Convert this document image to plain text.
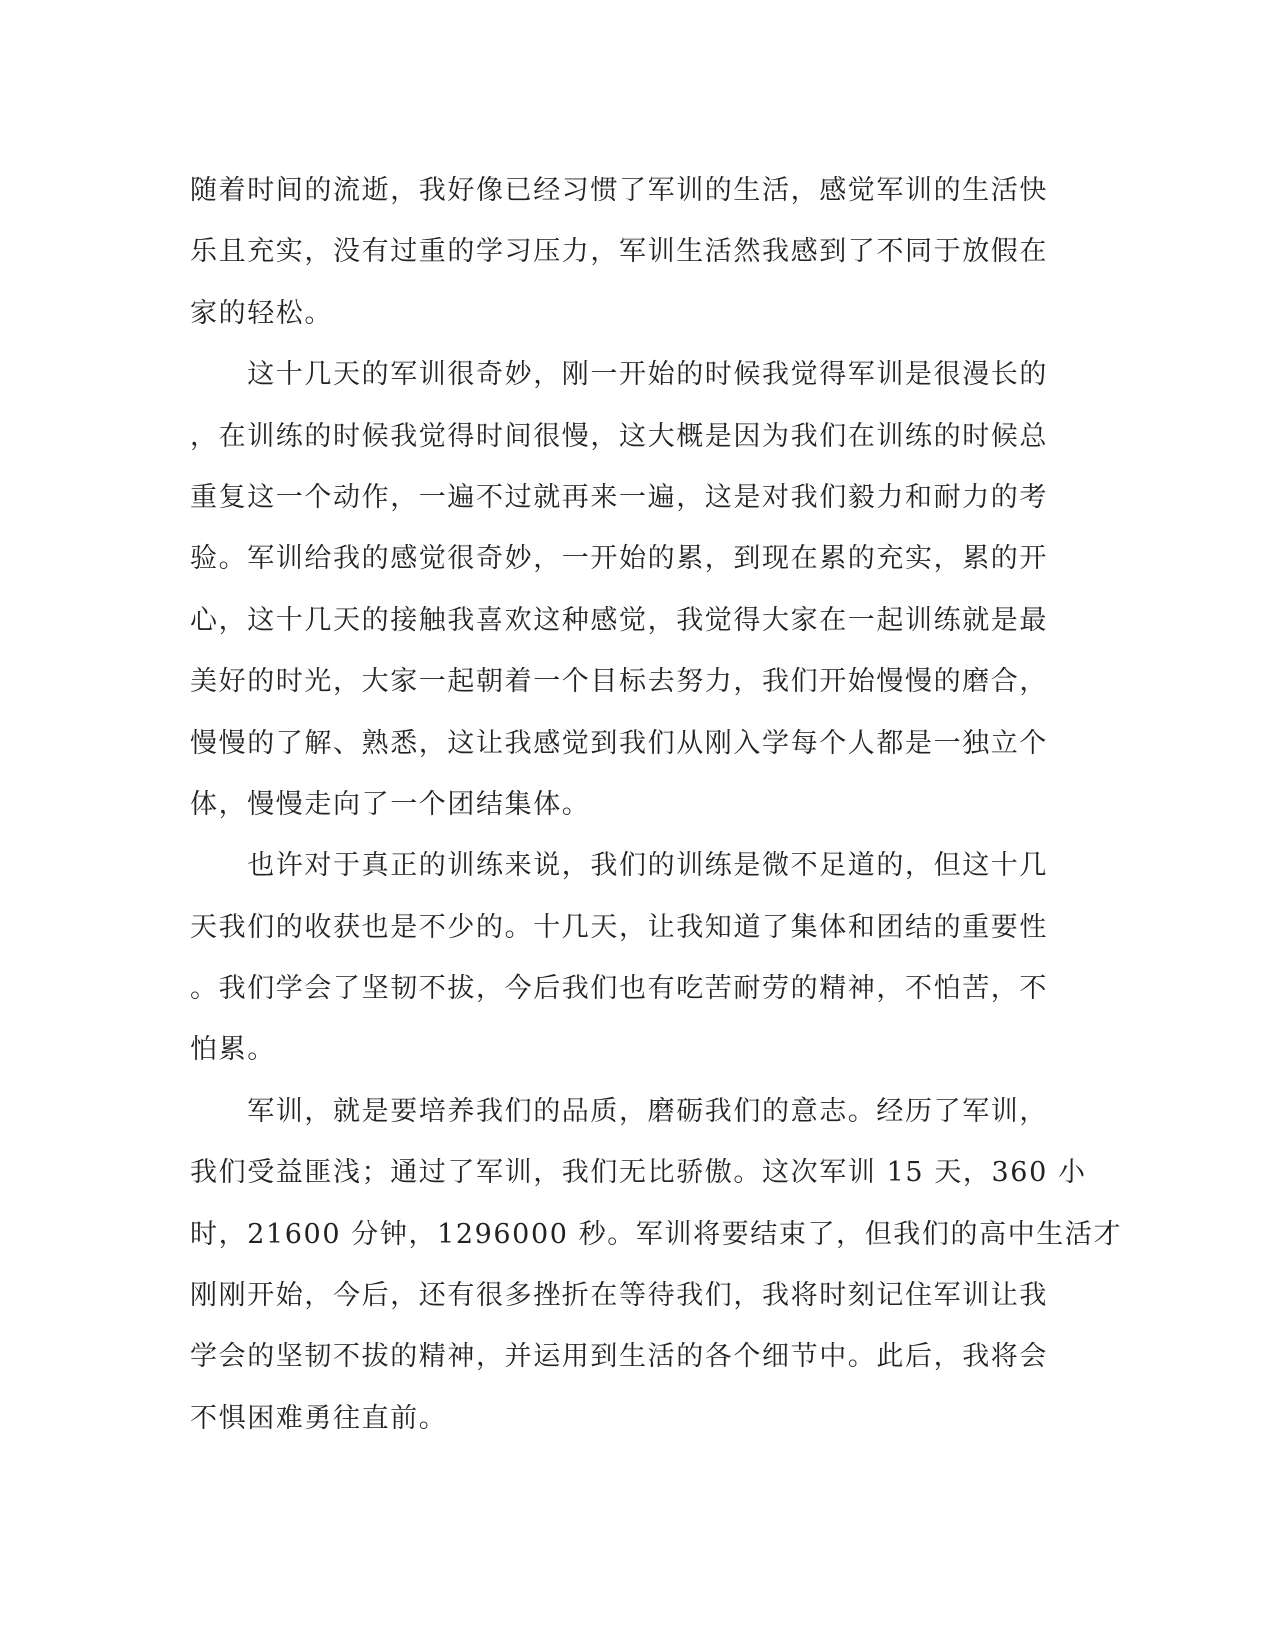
随着时间的流逝，我好像已经习惯了军训的生活，感觉军训的生活快
乐且充实，没有过重的学习压力，军训生活然我感到了不同于放假在
家的轻松。
　　这十几天的军训很奇妙，刚一开始的时候我觉得军训是很漫长的
，在训练的时候我觉得时间很慢，这大概是因为我们在训练的时候总
重复这一个动作，一遍不过就再来一遍，这是对我们毅力和耐力的考
验。军训给我的感觉很奇妙，一开始的累，到现在累的充实，累的开
心，这十几天的接触我喜欢这种感觉，我觉得大家在一起训练就是最
美好的时光，大家一起朝着一个目标去努力，我们开始慢慢的磨合，
慢慢的了解、熟悉，这让我感觉到我们从刚入学每个人都是一独立个
体，慢慢走向了一个团结集体。
　　也许对于真正的训练来说，我们的训练是微不足道的，但这十几
天我们的收获也是不少的。十几天，让我知道了集体和团结的重要性
。我们学会了坚韧不拔，今后我们也有吃苦耐劳的精神，不怕苦，不
怕累。
　　军训，就是要培养我们的品质，磨砺我们的意志。经历了军训，
我们受益匪浅；通过了军训，我们无比骄傲。这次军训 15 天，360 小
时，21600 分钟，1296000 秒。军训将要结束了，但我们的高中生活才
刚刚开始，今后，还有很多挫折在等待我们，我将时刻记住军训让我
学会的坚韧不拔的精神，并运用到生活的各个细节中。此后，我将会
不惧困难勇往直前。
